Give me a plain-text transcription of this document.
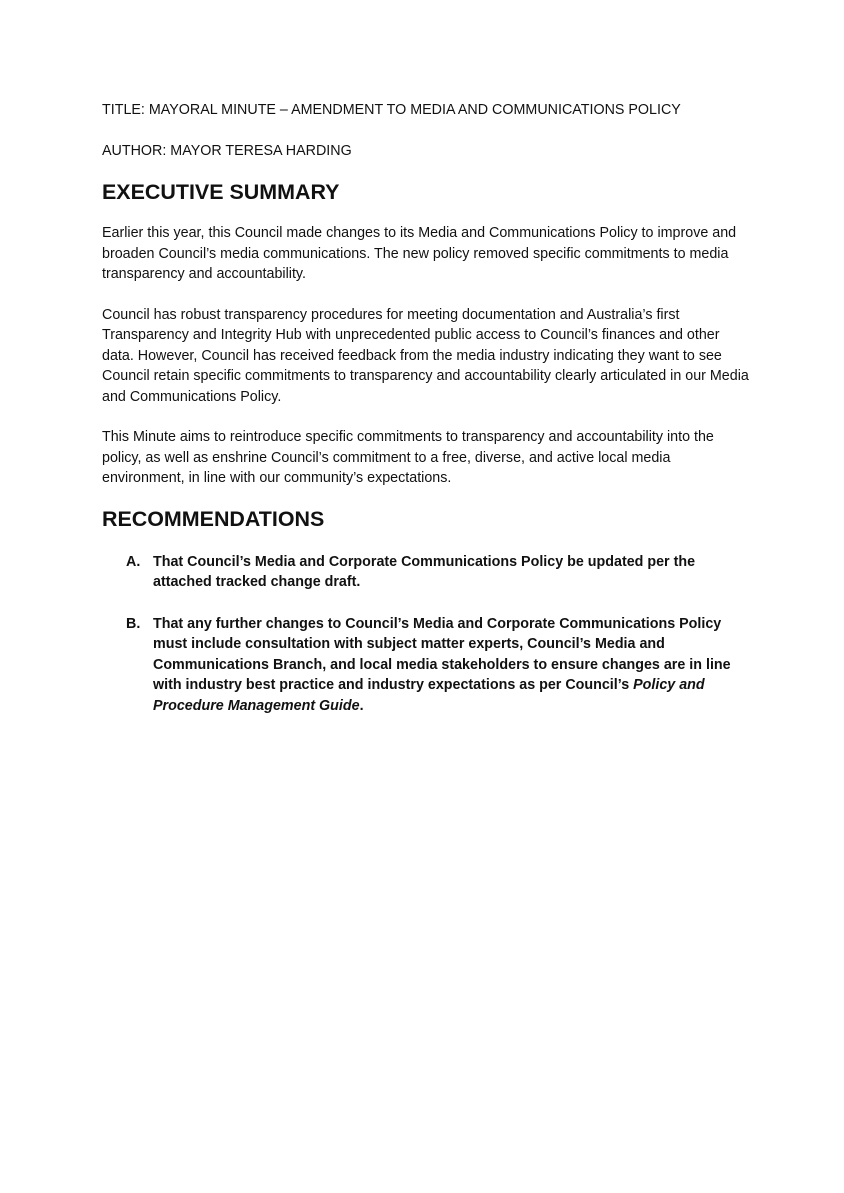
TITLE: MAYORAL MINUTE – AMENDMENT TO MEDIA AND COMMUNICATIONS POLICY

AUTHOR: MAYOR TERESA HARDING

EXECUTIVE SUMMARY

Earlier this year, this Council made changes to its Media and Communications Policy to improve and broaden Council’s media communications. The new policy removed specific commitments to media transparency and accountability.

Council has robust transparency procedures for meeting documentation and Australia’s first Transparency and Integrity Hub with unprecedented public access to Council’s finances and other data. However, Council has received feedback from the media industry indicating they want to see Council retain specific commitments to transparency and accountability clearly articulated in our Media and Communications Policy.

This Minute aims to reintroduce specific commitments to transparency and accountability into the policy, as well as enshrine Council’s commitment to a free, diverse, and active local media environment, in line with our community’s expectations.

RECOMMENDATIONS
A. That Council’s Media and Corporate Communications Policy be updated per the attached tracked change draft.
B. That any further changes to Council’s Media and Corporate Communications Policy must include consultation with subject matter experts, Council’s Media and Communications Branch, and local media stakeholders to ensure changes are in line with industry best practice and industry expectations as per Council’s Policy and Procedure Management Guide.
